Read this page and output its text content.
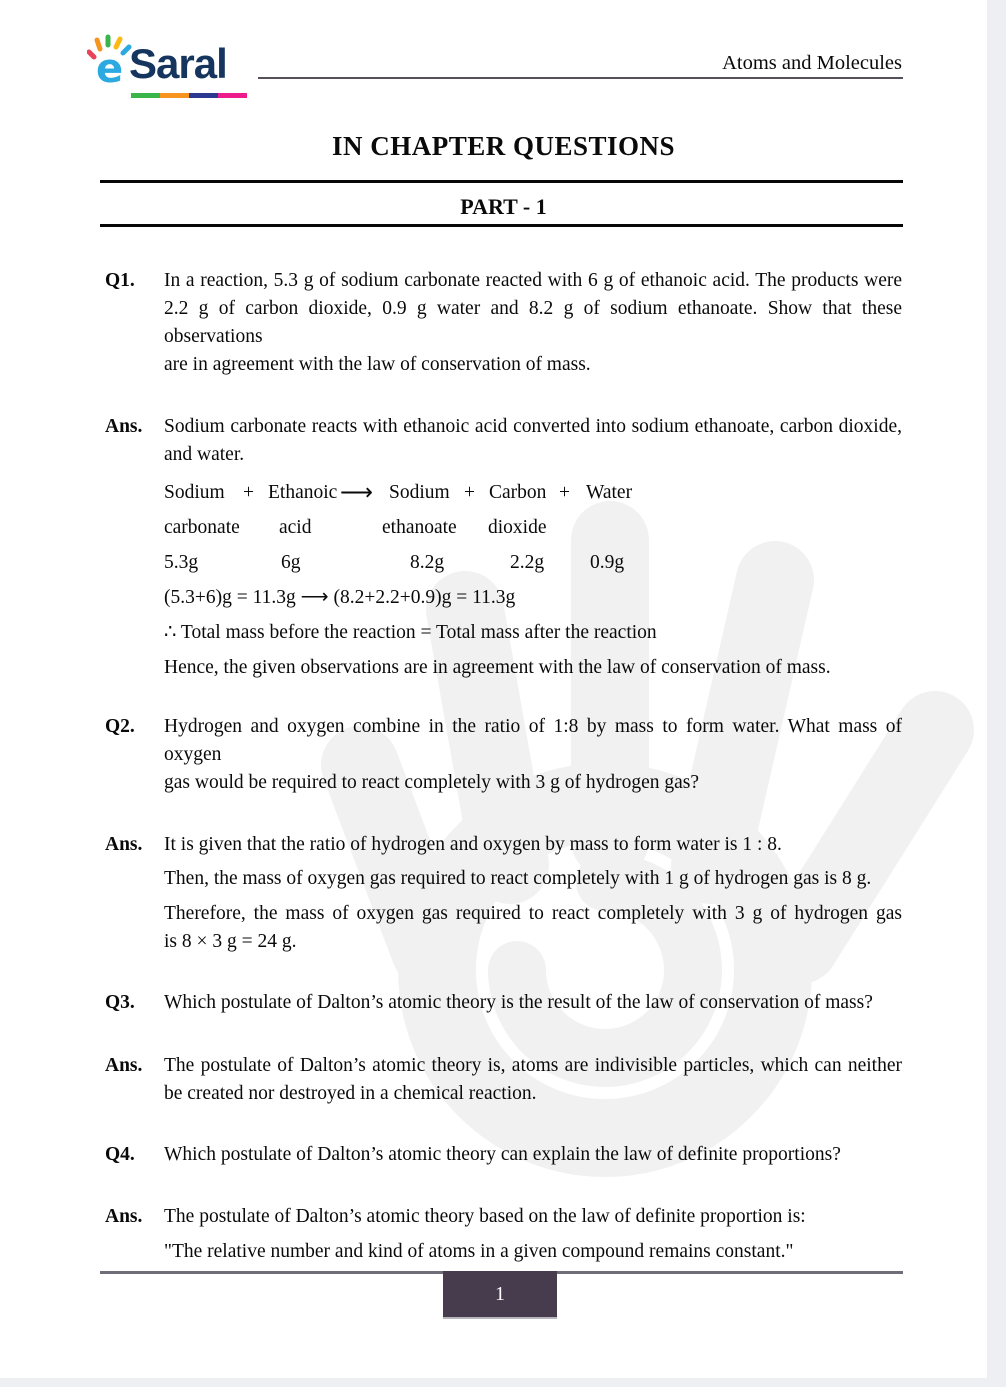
e Saral	Atoms and Molecules
IN CHAPTER QUESTIONS
PART - 1
Q1.	In a reaction, 5.3 g of sodium carbonate reacted with 6 g of ethanoic acid. The products were
2.2 g of carbon dioxide, 0.9 g water and 8.2 g of sodium ethanoate. Show that these observations
are in agreement with the law of conservation of mass.
Ans.	Sodium carbonate reacts with ethanoic acid converted into sodium ethanoate, carbon dioxide,
and water.
Sodium + Ethanoic ⟶ Sodium + Carbon + Water
carbonate acid	ethanoate dioxide
5.3g	6g	8.2g	2.2g 0.9g
(5.3+6)g = 11.3g ⟶ (8.2+2.2+0.9)g = 11.3g
∴ Total mass before the reaction = Total mass after the reaction
Hence, the given observations are in agreement with the law of conservation of mass.
Q2.	Hydrogen and oxygen combine in the ratio of 1:8 by mass to form water. What mass of oxygen
gas would be required to react completely with 3 g of hydrogen gas?
Ans.	It is given that the ratio of hydrogen and oxygen by mass to form water is 1 : 8.
Then, the mass of oxygen gas required to react completely with 1 g of hydrogen gas is 8 g.
Therefore, the mass of oxygen gas required to react completely with 3 g of hydrogen gas
is 8 × 3 g = 24 g.
Q3.	Which postulate of Dalton’s atomic theory is the result of the law of conservation of mass?
Ans.	The postulate of Dalton’s atomic theory is, atoms are indivisible particles, which can neither
be created nor destroyed in a chemical reaction.
Q4.	Which postulate of Dalton’s atomic theory can explain the law of definite proportions?
Ans.	The postulate of Dalton’s atomic theory based on the law of definite proportion is:
"The relative number and kind of atoms in a given compound remains constant."
1
